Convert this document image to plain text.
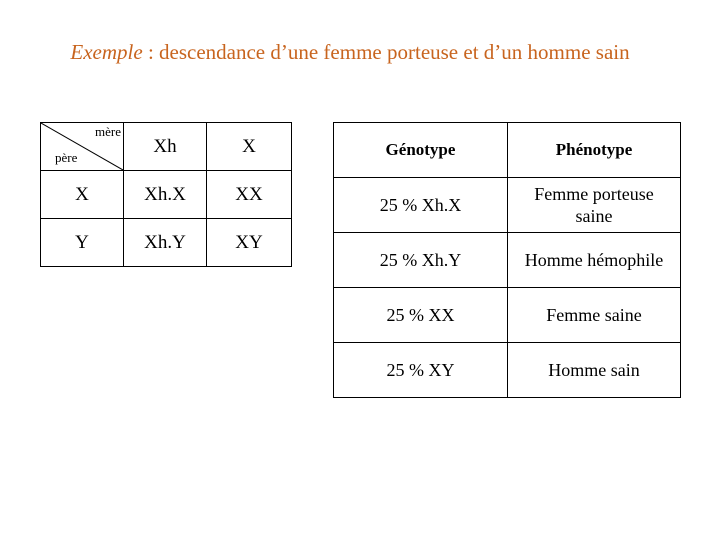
Exemple : descendance d’une femme porteuse et d’un homme sain
mère
père	Xh	X
X	Xh.X	XX
Y	Xh.Y	XY
Génotype	Phénotype
25 % Xh.X	Femme porteuse saine
25 % Xh.Y	Homme hémophile
25 % XX	Femme saine
25 % XY	Homme sain
